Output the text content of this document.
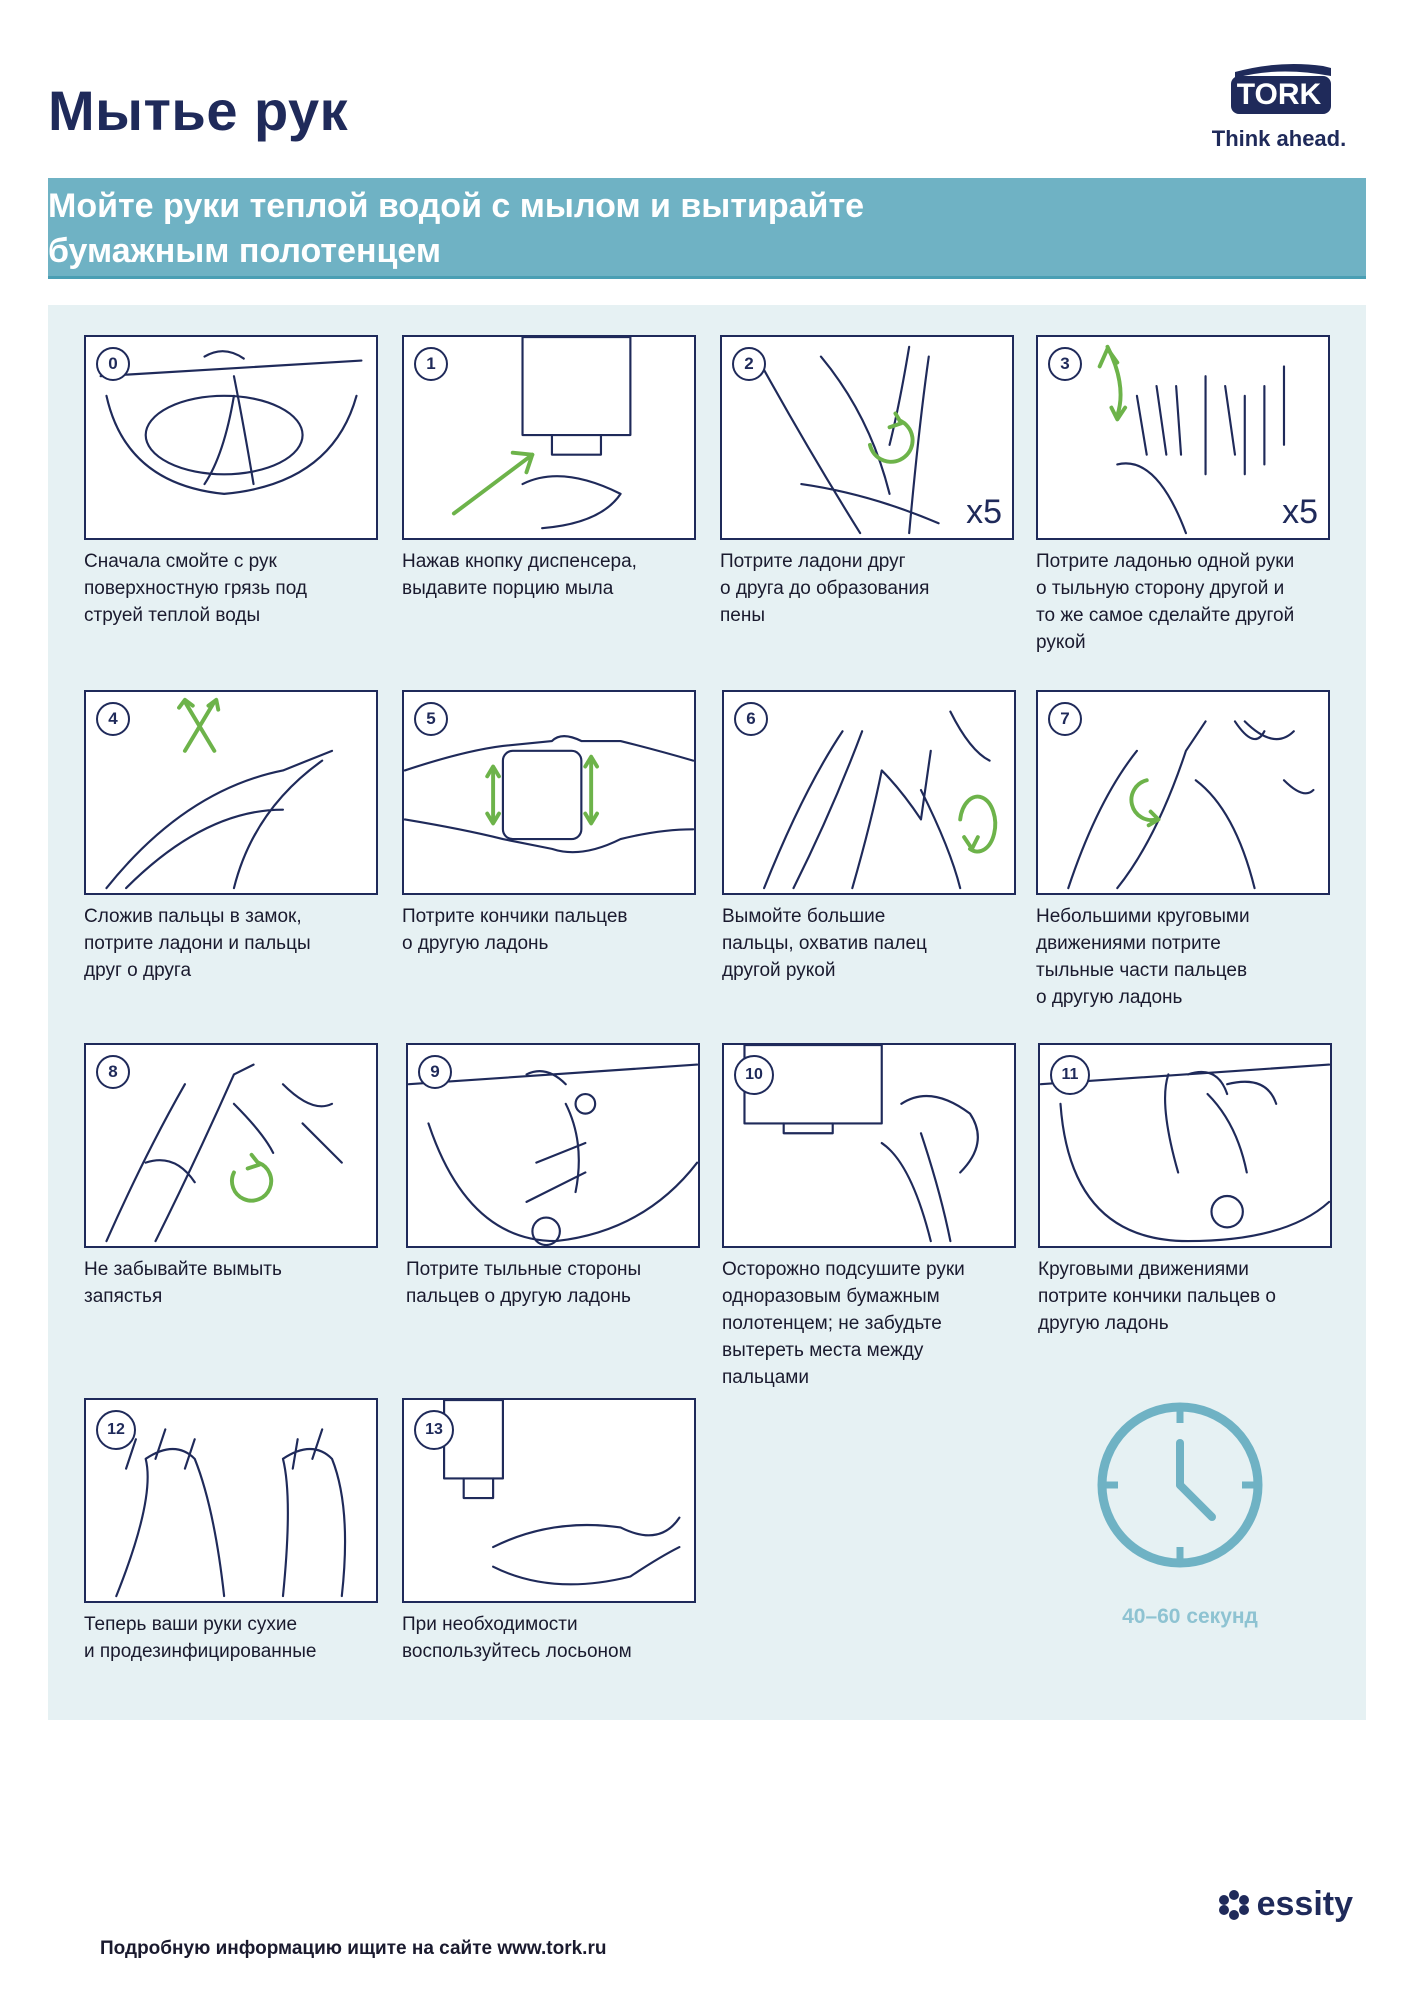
Мытье рук	TORK
Think ahead.
Мойте руки теплой водой с мылом и вытирайте
бумажным полотенцем
0
Сначала смойте с рук
поверхностную грязь под
струей теплой воды
1
Нажав кнопку диспенсера,
выдавите порцию мыла
2
x5
Потрите ладони друг
о друга до образования
пены
3
x5
Потрите ладонью одной руки
о тыльную сторону другой и
то же самое сделайте другой
рукой
4
Сложив пальцы в замок,
потрите ладони и пальцы
друг о друга
5
Потрите кончики пальцев
о другую ладонь
6
Вымойте большие
пальцы, охватив палец
другой рукой
7
Небольшими круговыми
движениями потрите
тыльные части пальцев
о другую ладонь
8
Не забывайте вымыть
запястья
9
Потрите тыльные стороны
пальцев о другую ладонь
10
Осторожно подсушите руки
одноразовым бумажным
полотенцем; не забудьте
вытереть места между
пальцами
11
Круговыми движениями
потрите кончики пальцев о
другую ладонь
12
Теперь ваши руки сухие
и продезинфицированные
13
При необходимости
воспользуйтесь лосьоном
40–60 секунд
essity
Подробную информацию ищите на сайте www.tork.ru
